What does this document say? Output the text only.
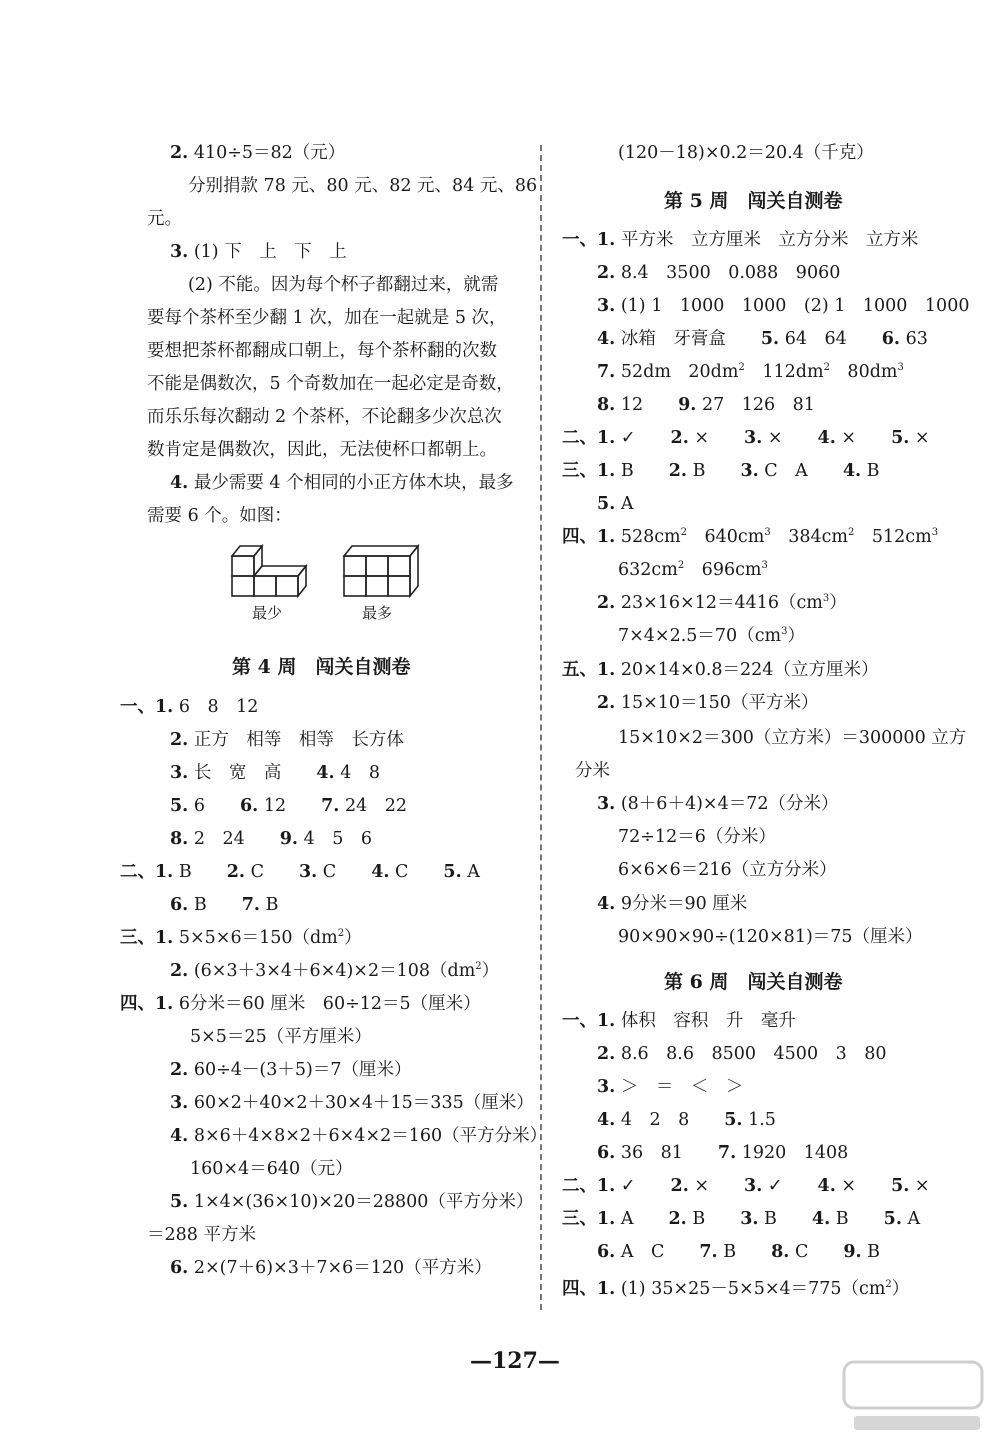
第 4 周　闯关自测卷
第 5 周　闯关自测卷
第 6 周　闯关自测卷
最少	最多
—127—
2. 410÷5＝82（元）
分别捐款 78 元、80 元、82 元、84 元、86
元。
3. (1) 下　上　下　上
(2) 不能。因为每个杯子都翻过来，就需
要每个茶杯至少翻 1 次，加在一起就是 5 次，
要想把茶杯都翻成口朝上，每个茶杯翻的次数
不能是偶数次，5 个奇数加在一起必定是奇数，
而乐乐每次翻动 2 个茶杯，不论翻多少次总次
数肯定是偶数次，因此，无法使杯口都朝上。
4. 最少需要 4 个相同的小正方体木块，最多
需要 6 个。如图：
一、1. 6　8　12
2. 正方　相等　相等　长方体
3. 长　宽　高　　4. 4　8
5. 6　　6. 12　　7. 24　22
8. 2　24　　9. 4　5　6
二、1. B　　2. C　　3. C　　4. C　　5. A
6. B　　7. B
三、1. $5\times 5\times 6=150(dm^2)$
2. $(6\times 3+3\times 4+6\times 4)\times 2=108(dm^2)$
四、1. 6分米＝60 厘米　60÷12＝5（厘米）
5×5＝25（平方厘米）
2. 60÷4－(3＋5)＝7（厘米）
3. 60×2＋40×2＋30×4＋15＝335（厘米）
4. 8×6＋4×8×2＋6×4×2＝160（平方分米）
160×4＝640（元）
5. 1×4×(36×10)×20＝28800（平方分米）
＝288 平方米
6. 2×(7＋6)×3＋7×6＝120（平方米）
(120－18)×0.2＝20.4（千克）
一、1. 平方米　立方厘米　立方分米　立方米
2. 8.4　3500　0.088　9060
3. (1) 1　1000　1000　(2) 1　1000　1000
4. 冰箱　牙膏盒　　5. 64　64　　6. 63
7. 52dm　$20dm^2$　$112dm^2$　$80dm^3$
8. 12　　9. 27　126　81
二、1. ✓　　2. ×　　3. ×　　4. ×　　5. ×
三、1. B　　2. B　　3. C　A　　4. B
5. A
四、1. $528cm^2$　$640cm^3$　$384cm^2$　$512cm^3$
$632cm^2$　$696cm^3$
2. $23\times 16\times 12=4416(cm^3)$
$7\times 4\times 2.5=70(cm^3)$
五、1. 20×14×0.8＝224（立方厘米）
2. 15×10＝150（平方米）
15×10×2＝300（立方米）＝300000 立方
分米
3. (8＋6＋4)×4＝72（分米）
72÷12＝6（分米）
6×6×6＝216（立方分米）
4. 9分米＝90 厘米
90×90×90÷(120×81)＝75（厘米）
一、1. 体积　容积　升　毫升
2. 8.6　8.6　8500　4500　3　80
3. ＞　＝　＜　＞
4. 4　2　8　　5. 1.5
6. 36　81　　7. 1920　1408
二、1. ✓　　2. ×　　3. ✓　　4. ×　　5. ×
三、1. A　　2. B　　3. B　　4. B　　5. A
6. A　C　　7. B　　8. C　　9. B
四、1. (1) $35\times 25-5\times 5\times 4=775(cm^2)$
